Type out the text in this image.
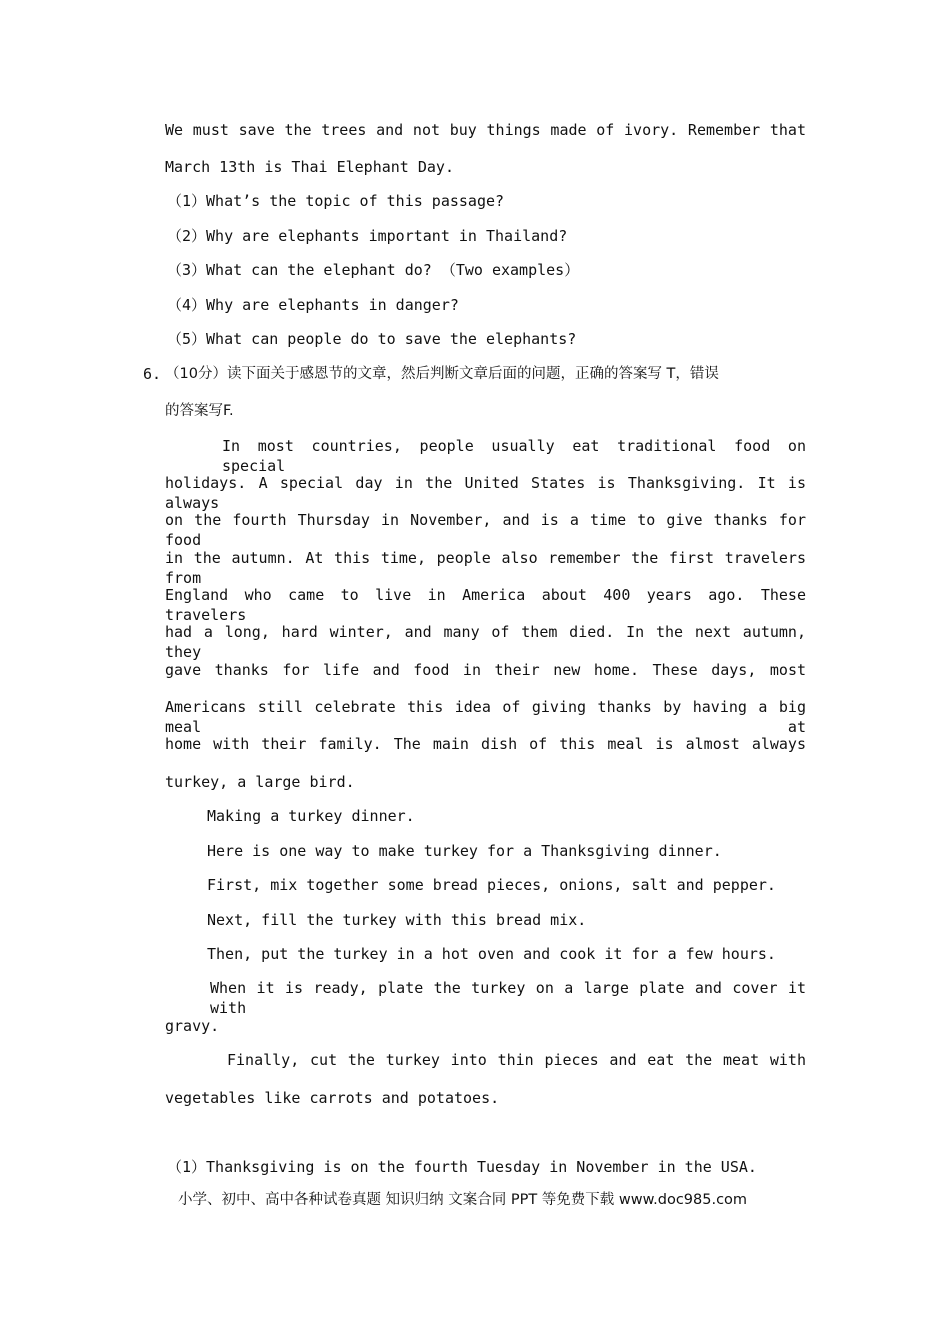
We must save the trees and not buy things made of ivory. Remember that
March 13th is Thai Elephant Day.
（1）What’s the topic of this passage?
（2）Why are elephants important in Thailand?
（3）What can the elephant do? （Two examples）
（4）Why are elephants in danger?
（5）What can people do to save the elephants?
6. （10分）读下面关于感恩节的文章，然后判断文章后面的问题，正确的答案写 T，错误
的答案写F.
In most countries, people usually eat traditional food on special
holidays. A special day in the United States is Thanksgiving. It is always
on the fourth Thursday in November, and is a time to give thanks for food
in the autumn. At this time, people also remember the first travelers from
England who came to live in America about 400 years ago. These travelers
had a long, hard winter, and many of them died. In the next autumn, they
gave thanks for life and food in their new home. These days, most
Americans still celebrate this idea of giving thanks by having a big meal at
home with their family. The main dish of this meal is almost always
turkey, a large bird.
Making a turkey dinner.
Here is one way to make turkey for a Thanksgiving dinner.
First, mix together some bread pieces, onions, salt and pepper.
Next, fill the turkey with this bread mix.
Then, put the turkey in a hot oven and cook it for a few hours.
When it is ready, plate the turkey on a large plate and cover it with
gravy.
Finally, cut the turkey into thin pieces and eat the meat with
vegetables like carrots and potatoes.
（1）Thanksgiving is on the fourth Tuesday in November in the USA.
小学、初中、高中各种试卷真题 知识归纳 文案合同 PPT 等免费下载 www.doc985.com
